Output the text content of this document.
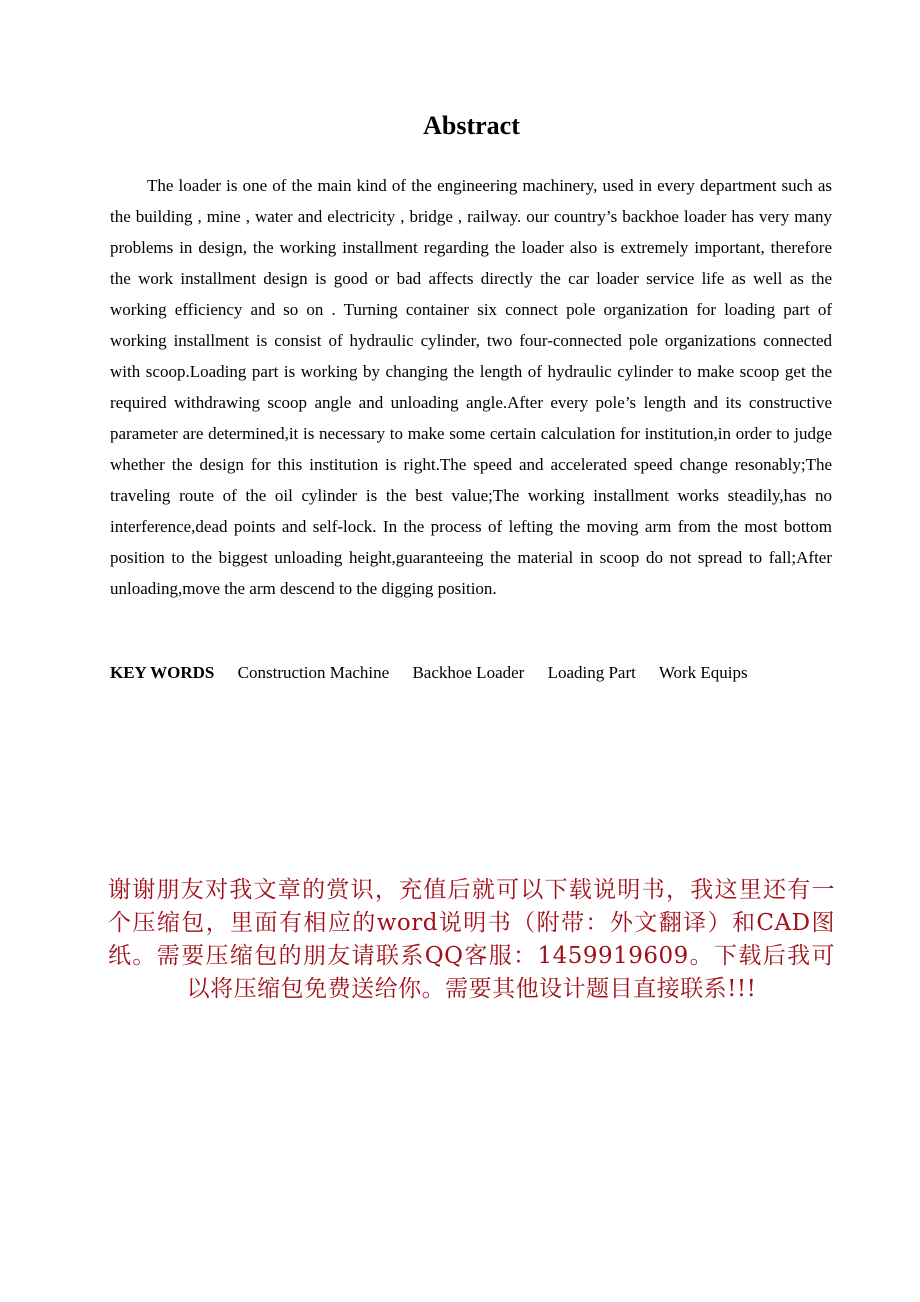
Abstract

The loader is one of the main kind of the engineering machinery, used in every department such as the building , mine , water and electricity , bridge , railway. our country’s backhoe loader has very many problems in design, the working installment regarding the loader also is extremely important, therefore the work installment design is good or bad affects directly the car loader service life as well as the working efficiency and so on . Turning container six connect pole organization for loading part of working installment is consist of hydraulic cylinder, two four-connected pole organizations connected with scoop.Loading part is working by changing the length of hydraulic cylinder to make scoop get the required withdrawing scoop angle and unloading angle.After every pole’s length and its constructive parameter are determined,it is necessary to make some certain calculation for institution,in order to judge whether the design for this institution is right.The speed and accelerated speed change resonably;The traveling route of the oil cylinder is the best value;The working installment works steadily,has no interference,dead points and self-lock. In the process of lefting the moving arm from the most bottom position to the biggest unloading height,guaranteeing the material in scoop do not spread to fall;After unloading,move the arm descend to the digging position.

KEY WORDS Construction Machine Backhoe Loader Loading Part Work Equips

谢谢朋友对我文章的赏识，充值后就可以下载说明书，我这里还有一个压缩包，里面有相应的word说明书（附带：外文翻译）和CAD图纸。需要压缩包的朋友请联系QQ客服：1459919609。下载后我可以将压缩包免费送给你。需要其他设计题目直接联系!!!
